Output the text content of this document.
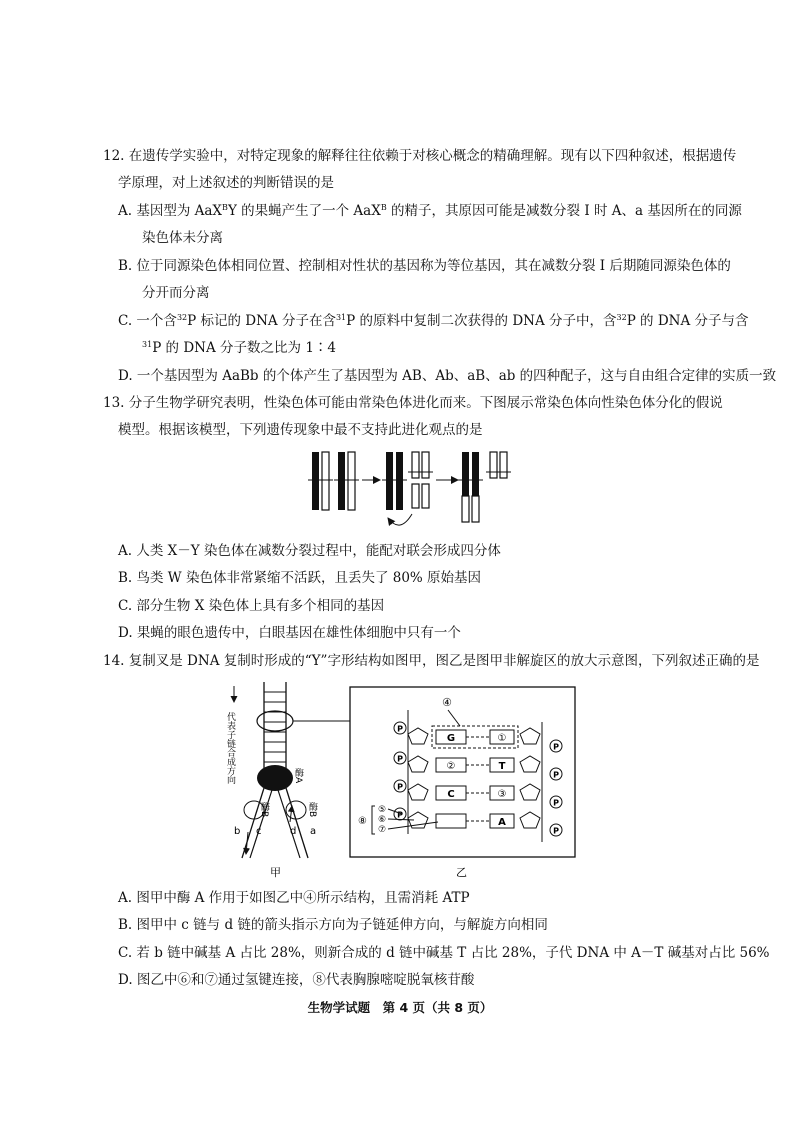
12. 在遗传学实验中，对特定现象的解释往往依赖于对核心概念的精确理解。现有以下四种叙述，根据遗传
学原理，对上述叙述的判断错误的是
A. 基因型为 AaX$^B$Y 的果蝇产生了一个 AaX$^B$ 的精子，其原因可能是减数分裂 Ⅰ 时 A、a 基因所在的同源
染色体未分离
B. 位于同源染色体相同位置、控制相对性状的基因称为等位基因，其在减数分裂 Ⅰ 后期随同源染色体的
分开而分离
C. 一个含$^{32}$P 标记的 DNA 分子在含$^{31}$P 的原料中复制二次获得的 DNA 分子中，含$^{32}$P 的 DNA 分子与含
$^{31}$P 的 DNA 分子数之比为 1∶4
D. 一个基因型为 AaBb 的个体产生了基因型为 AB、Ab、aB、ab 的四种配子，这与自由组合定律的实质一致
13. 分子生物学研究表明，性染色体可能由常染色体进化而来。下图展示常染色体向性染色体分化的假说
模型。根据该模型，下列遗传现象中最不支持此进化观点的是
A. 人类 X－Y 染色体在减数分裂过程中，能配对联会形成四分体
B. 鸟类 W 染色体非常紧缩不活跃，且丢失了 80% 原始基因
C. 部分生物 X 染色体上具有多个相同的基因
D. 果蝇的眼色遗传中，白眼基因在雄性体细胞中只有一个
14. 复制叉是 DNA 复制时形成的“Y”字形结构如图甲，图乙是图甲非解旋区的放大示意图，下列叙述正确的是
P
代表子链合成方向	酶A
酶B	酶B
b c	d a
甲
④
G	①
②	T
C	③
A
⑤
⑥
⑦
⑧
乙
A. 图甲中酶 A 作用于如图乙中④所示结构，且需消耗 ATP
B. 图甲中 c 链与 d 链的箭头指示方向为子链延伸方向，与解旋方向相同
C. 若 b 链中碱基 A 占比 28%，则新合成的 d 链中碱基 T 占比 28%，子代 DNA 中 A－T 碱基对占比 56%
D. 图乙中⑥和⑦通过氢键连接，⑧代表胸腺嘧啶脱氧核苷酸
生物学试题　第 4 页（共 8 页）
